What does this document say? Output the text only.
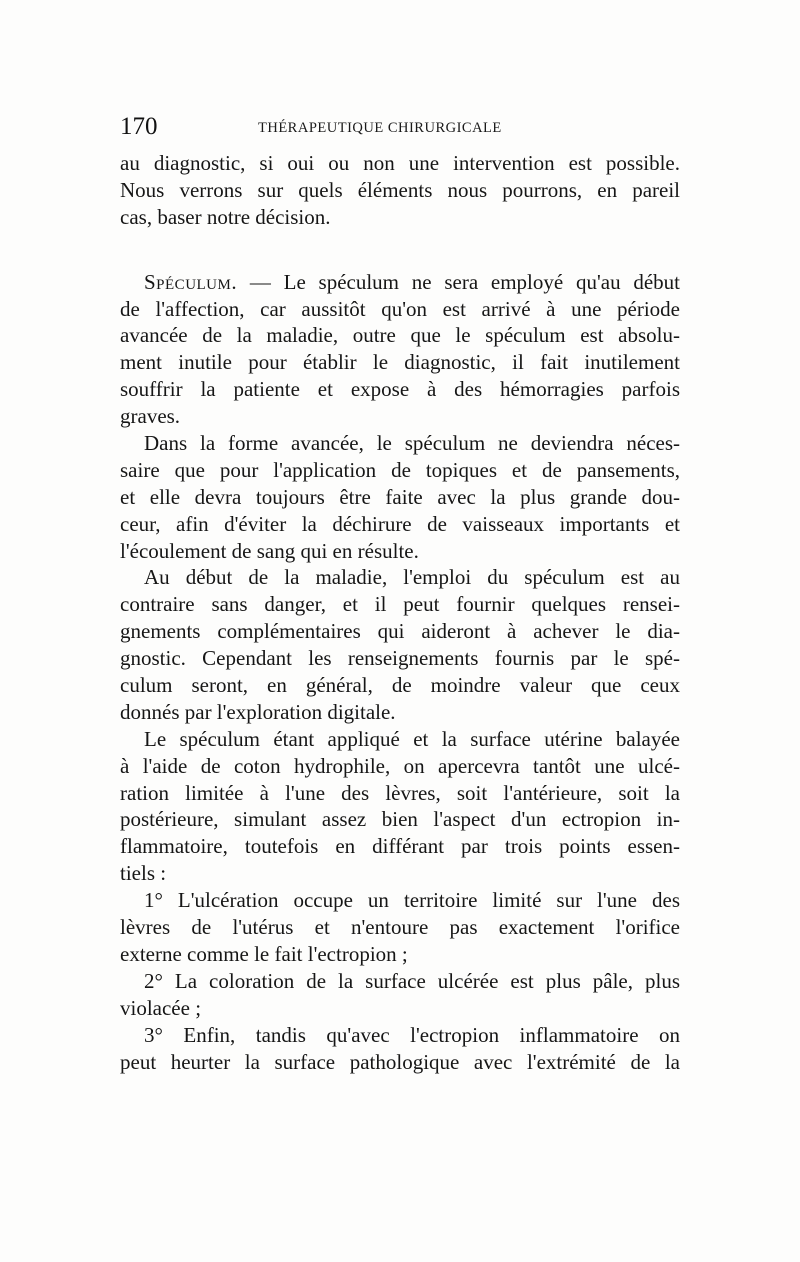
170	THÉRAPEUTIQUE CHIRURGICALE
au diagnostic, si oui ou non une intervention est possible.
Nous verrons sur quels éléments nous pourrons, en pareil
cas, baser notre décision.
Spéculum. — Le spéculum ne sera employé qu'au début
de l'affection, car aussitôt qu'on est arrivé à une période
avancée de la maladie, outre que le spéculum est absolu-
ment inutile pour établir le diagnostic, il fait inutilement
souffrir la patiente et expose à des hémorragies parfois
graves.
Dans la forme avancée, le spéculum ne deviendra néces-
saire que pour l'application de topiques et de pansements,
et elle devra toujours être faite avec la plus grande dou-
ceur, afin d'éviter la déchirure de vaisseaux importants et
l'écoulement de sang qui en résulte.
Au début de la maladie, l'emploi du spéculum est au
contraire sans danger, et il peut fournir quelques rensei-
gnements complémentaires qui aideront à achever le dia-
gnostic. Cependant les renseignements fournis par le spé-
culum seront, en général, de moindre valeur que ceux
donnés par l'exploration digitale.
Le spéculum étant appliqué et la surface utérine balayée
à l'aide de coton hydrophile, on apercevra tantôt une ulcé-
ration limitée à l'une des lèvres, soit l'antérieure, soit la
postérieure, simulant assez bien l'aspect d'un ectropion in-
flammatoire, toutefois en différant par trois points essen-
tiels :
1° L'ulcération occupe un territoire limité sur l'une des
lèvres de l'utérus et n'entoure pas exactement l'orifice
externe comme le fait l'ectropion ;
2° La coloration de la surface ulcérée est plus pâle, plus
violacée ;
3° Enfin, tandis qu'avec l'ectropion inflammatoire on
peut heurter la surface pathologique avec l'extrémité de la
